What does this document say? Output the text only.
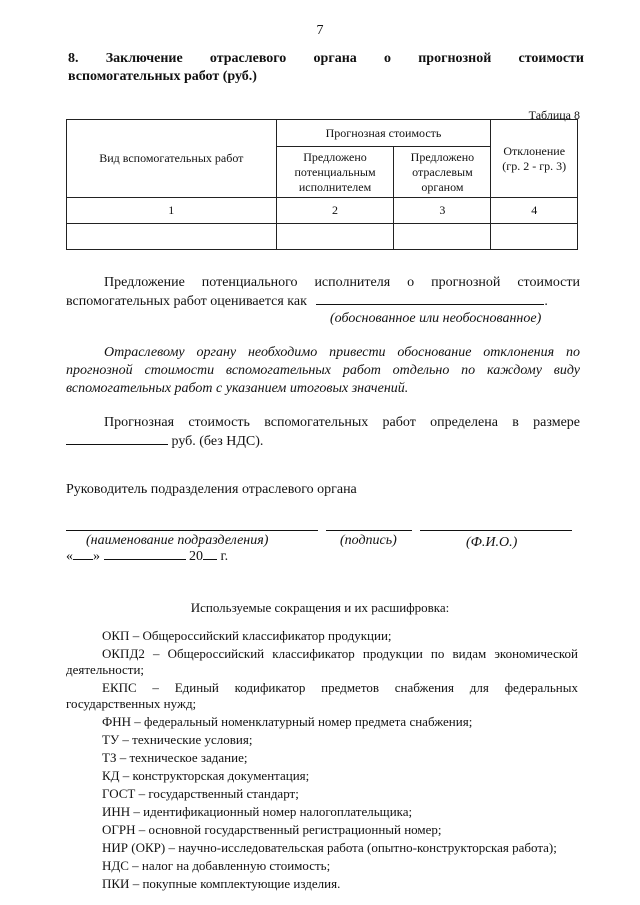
7
8. Заключение отраслевого органа о прогнозной стоимости
вспомогательных работ (руб.)
Таблица 8
Вид вспомогательных работ	Прогнозная стоимость		Отклонение (гр. 2 - гр. 3)
	Предложено потенциальным исполнителем	Предложено отраслевым органом	
1	2	3	4

Предложение потенциального исполнителя о прогнозной стоимости
вспомогательных работ оценивается как	.
(обоснованное или необоснованное)
Отраслевому органу необходимо привести обоснование отклонения по
прогнозной стоимости вспомогательных работ отдельно по каждому виду
вспомогательных работ с указанием итоговых значений.
Прогнозная стоимость вспомогательных работ определена в размере
руб. (без НДС).
Руководитель подразделения отраслевого органа
(наименование подразделения)	(подпись)	(Ф.И.О.)
« »	20 г.
Используемые сокращения и их расшифровка:
ОКП – Общероссийский классификатор продукции;
ОКПД2 – Общероссийский классификатор продукции по видам экономической деятельности;
ЕКПС – Единый кодификатор предметов снабжения для федеральных государственных нужд;
ФНН – федеральный номенклатурный номер предмета снабжения;
ТУ – технические условия;
ТЗ – техническое задание;
КД – конструкторская документация;
ГОСТ – государственный стандарт;
ИНН – идентификационный номер налогоплательщика;
ОГРН – основной государственный регистрационный номер;
НИР (ОКР) – научно-исследовательская работа (опытно-конструкторская работа);
НДС – налог на добавленную стоимость;
ПКИ – покупные комплектующие изделия.
